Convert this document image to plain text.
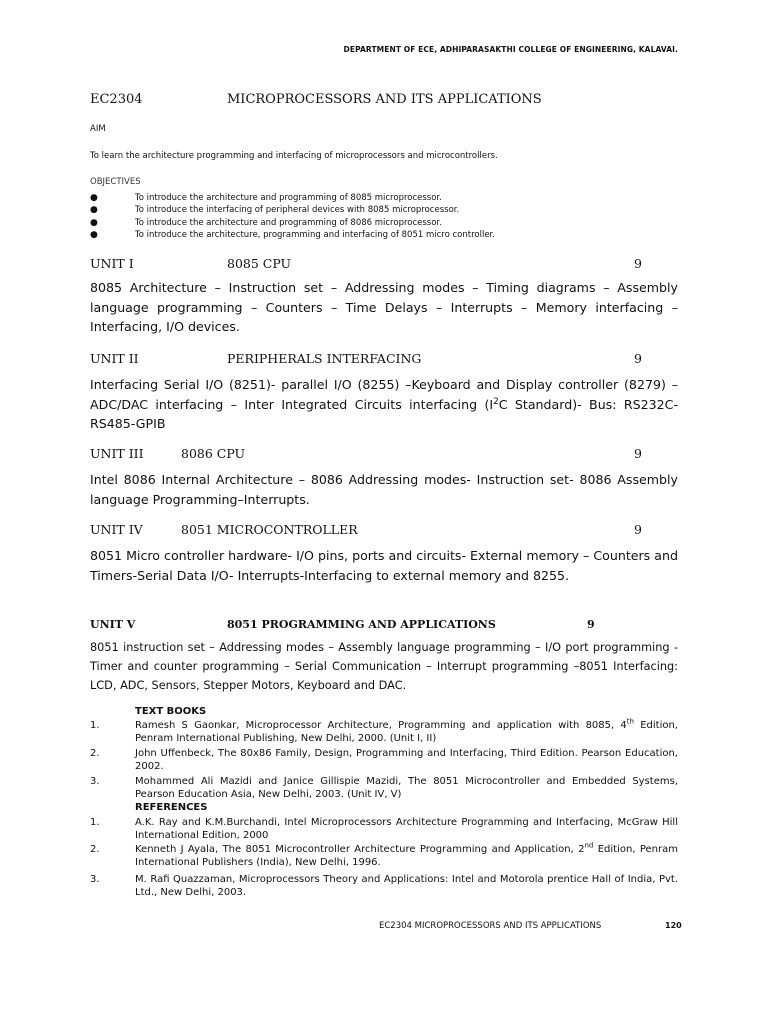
DEPARTMENT OF ECE, ADHIPARASAKTHI COLLEGE OF ENGINEERING, KALAVAI.
EC2304	MICROPROCESSORS AND ITS APPLICATIONS
AIM
To learn the architecture programming and interfacing of microprocessors and microcontrollers.
OBJECTIVES
●	To introduce the architecture and programming of 8085 microprocessor.
●	To introduce the interfacing of peripheral devices with 8085 microprocessor.
●	To introduce the architecture and programming of 8086 microprocessor.
●	To introduce the architecture, programming and interfacing of 8051 micro controller.
UNIT I	8085 CPU	9

8085 Architecture – Instruction set – Addressing modes – Timing diagrams – Assembly language programming – Counters – Time Delays – Interrupts – Memory interfacing – Interfacing, I/O devices.

UNIT II	PERIPHERALS INTERFACING	9

Interfacing Serial I/O (8251)- parallel I/O (8255) –Keyboard and Display controller (8279) – ADC/DAC interfacing – Inter Integrated Circuits interfacing ($I^2C$ Standard)- Bus: RS232C-RS485-GPIB

UNIT III	8086 CPU	9

Intel 8086 Internal Architecture – 8086 Addressing modes- Instruction set- 8086 Assembly language Programming–Interrupts.

UNIT IV	8051 MICROCONTROLLER	9

8051 Micro controller hardware- I/O pins, ports and circuits- External memory – Counters and Timers-Serial Data I/O- Interrupts-Interfacing to external memory and 8255.

UNIT V	8051 PROGRAMMING AND APPLICATIONS	9

8051 instruction set – Addressing modes – Assembly language programming – I/O port programming -Timer and counter programming – Serial Communication – Interrupt programming –8051 Interfacing: LCD, ADC, Sensors, Stepper Motors, Keyboard and DAC.

TEXT BOOKS
1.	Ramesh S Gaonkar, Microprocessor Architecture, Programming and application with 8085, 4th Edition, Penram International Publishing, New Delhi, 2000. (Unit I, II)
2.	John Uffenbeck, The 80x86 Family, Design, Programming and Interfacing, Third Edition. Pearson Education, 2002.
3.	Mohammed Ali Mazidi and Janice Gillispie Mazidi, The 8051 Microcontroller and Embedded Systems, Pearson Education Asia, New Delhi, 2003. (Unit IV, V)
REFERENCES
1.	A.K. Ray and K.M.Burchandi, Intel Microprocessors Architecture Programming and Interfacing, McGraw Hill International Edition, 2000
2.	Kenneth J Ayala, The 8051 Microcontroller Architecture Programming and Application, 2nd Edition, Penram International Publishers (India), New Delhi, 1996.
3.	M. Rafi Quazzaman, Microprocessors Theory and Applications: Intel and Motorola prentice Hall of India, Pvt. Ltd., New Delhi, 2003.
EC2304 MICROPROCESSORS AND ITS APPLICATIONS	120
